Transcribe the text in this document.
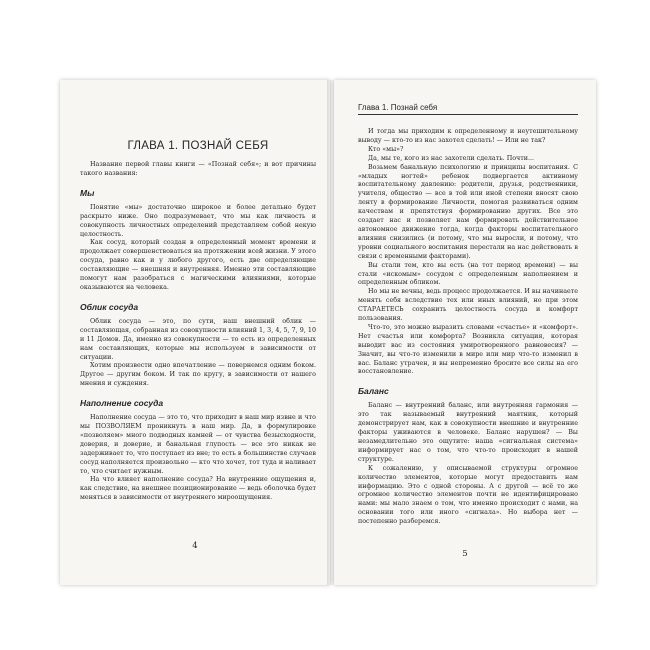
ГЛАВА 1. ПОЗНАЙ СЕБЯ

Название первой главы книги — «Познай себя»; и вот причины такого названия:

Мы

Понятие «мы» достаточно широкое и более детально будет раскрыто ниже. Оно подразумевает, что мы как личность и совокупность личностных определений представляем собой некую целостность.

Как сосуд, который создан в определенный момент времени и продолжает совершенствоваться на протяжении всей жизни. У этого сосуда, равно как и у любого другого, есть две определяющие составляющие — внешняя и внутренняя. Именно эти составляющие помогут нам разобраться с магическими влияниями, которые оказываются на человека.

Облик сосуда

Облик сосуда — это, по сути, наш внешний облик — составляющая, собранная из совокупности влияний 1, 3, 4, 5, 7, 9, 10 и 11 Домов. Да, именно из совокупности — то есть из определенных нам составляющих, которые мы используем в зависимости от ситуации.

Хотим произвести одно впечатление — повернемся одним боком. Другое — другим боком. И так по кругу, в зависимости от нашего мнения и суждения.

Наполнение сосуда

Наполнение сосуда — это то, что приходит в наш мир извне и что мы ПОЗВОЛЯЕМ проникнуть в наш мир. Да, в формулировке «позволяем» много подводных камней — от чувства безысходности, доверия, и доверие, и банальная глупость — все это никак не задерживает то, что поступает из вне; то есть в большинстве случаев сосуд наполняется произвольно — кто что хочет, тот туда и наливает то, что считает нужным.

На что влияет наполнение сосуда? На внутренние ощущения и, как следствие, на внешнее позиционирование — ведь оболочка будет меняться в зависимости от внутреннего мироощущения.

4
Глава 1. Познай себя

И тогда мы приходим к определенному и неутешительному выводу — кто-то из нас захотел сделать! — Или не так?

Кто «мы»?

Да, мы те, кого из нас захотели сделать. Почти...

Возьмем банальную психологию и принципы воспитания. С «младых ногтей» ребенок подвергается активному воспитательному давлению: родители, друзья, родственники, учителя, общество — все в той или иной степени вносят свою ленту в формирование Личности, помогая развиваться одним качествам и препятствуя формированию других. Все это создает нас и позволяет нам формировать действительное автономное движение тогда, когда факторы воспитательного влияния снизились (и потому, что мы выросли, и потому, что уровни социального воспитания перестали на нас действовать в связи с временными факторами).

Вы стали тем, кто вы есть (на тот период времени) — вы стали «искомым» сосудом с определенным наполнением и определенным обликом.

Но мы не вечны, ведь процесс продолжается. И вы начинаете менять себя вследствие тех или иных влияний, но при этом СТАРАЕТЕСЬ сохранить целостность сосуда и комфорт пользования.

Что-то, это можно выразить словами «счастье» и «комфорт». Нет счастья или комфорта? Возникла ситуация, которая выводит вас из состояния умиротворенного равновесия? — Значит, вы что-то изменили в мире или мир что-то изменил в вас. Баланс утрачен, и вы непременно бросите все силы на его восстановление.

Баланс

Баланс — внутренний баланс, или внутренняя гармония — это так называемый внутренний маятник, который демонстрирует нам, как в совокупности внешние и внутренние факторы уживаются в человеке. Баланс нарушен? — Вы незамедлительно это ощутите: наша «сигнальная система» информирует нас о том, что что-то происходит в нашей структуре.

К сожалению, у описываемой структуры огромное количество элементов, которые могут предоставить нам информацию. Это с одной стороны. А с другой — всё то же огромное количество элементов почти не идентифицировано нами: мы мало знаем о том, что именно происходит с нами, на основании того или иного «сигнала». Но выбора нет — постепенно разберемся.

5
